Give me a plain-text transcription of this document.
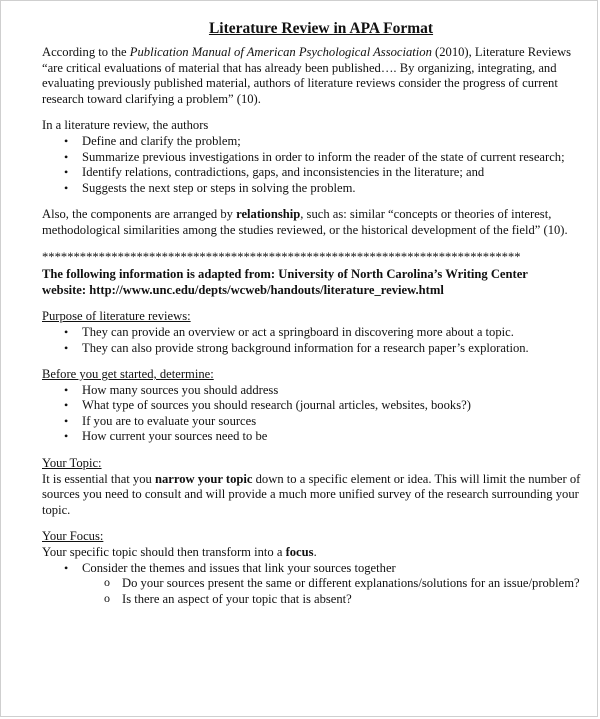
Literature Review in APA Format

According to the Publication Manual of American Psychological Association (2010), Literature Reviews “are critical evaluations of material that has already been published…. By organizing, integrating, and evaluating previously published material, authors of literature reviews consider the progress of current research toward clarifying a problem” (10).

In a literature review, the authors

• Define and clarify the problem;
• Summarize previous investigations in order to inform the reader of the state of current research;
• Identify relations, contradictions, gaps, and inconsistencies in the literature; and
• Suggests the next step or steps in solving the problem.

Also, the components are arranged by relationship, such as: similar “concepts or theories of interest, methodological similarities among the studies reviewed, or the historical development of the field” (10).

****************************************************************************
The following information is adapted from: University of North Carolina’s Writing Center
website: http://www.unc.edu/depts/wcweb/handouts/literature_review.html

Purpose of literature reviews:

• They can provide an overview or act a springboard in discovering more about a topic.
• They can also provide strong background information for a research paper’s exploration.

Before you get started, determine:

• How many sources you should address
• What type of sources you should research (journal articles, websites, books?)
• If you are to evaluate your sources
• How current your sources need to be

Your Topic:

It is essential that you narrow your topic down to a specific element or idea. This will limit the number of sources you need to consult and will provide a much more unified survey of the research surrounding your topic.

Your Focus:

Your specific topic should then transform into a focus.

• Consider the themes and issues that link your sources together
o Do your sources present the same or different explanations/solutions for an issue/problem?
o Is there an aspect of your topic that is absent?
